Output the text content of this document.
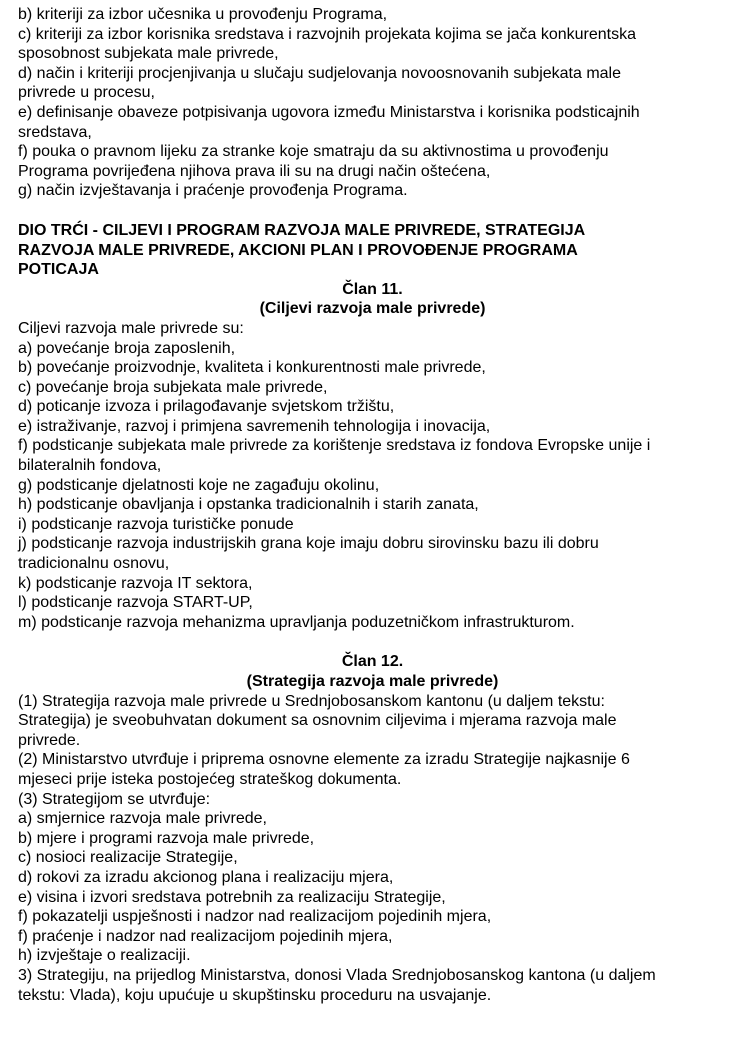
b) kriteriji za izbor učesnika u provođenju Programa,
c) kriteriji za izbor korisnika sredstava i razvojnih projekata kojima se jača konkurentska
sposobnost subjekata male privrede,
d) način i kriteriji procjenjivanja u slučaju sudjelovanja novoosnovanih subjekata male
privrede u procesu,
e) definisanje obaveze potpisivanja ugovora između Ministarstva i korisnika podsticajnih
sredstava,
f) pouka o pravnom lijeku za stranke koje smatraju da su aktivnostima u provođenju
Programa povrijeđena njihova prava ili su na drugi način oštećena,
g) način izvještavanja i praćenje provođenja Programa.
DIO TRĆI - CILJEVI I PROGRAM RAZVOJA MALE PRIVREDE, STRATEGIJA
RAZVOJA MALE PRIVREDE, AKCIONI PLAN I PROVOĐENJE PROGRAMA
POTICAJA
Član 11.
(Ciljevi razvoja male privrede)
Ciljevi razvoja male privrede su:
a) povećanje broja zaposlenih,
b) povećanje proizvodnje, kvaliteta i konkurentnosti male privrede,
c) povećanje broja subjekata male privrede,
d) poticanje izvoza i prilagođavanje svjetskom tržištu,
e) istraživanje, razvoj i primjena savremenih tehnologija i inovacija,
f) podsticanje subjekata male privrede za korištenje sredstava iz fondova Evropske unije i
bilateralnih fondova,
g) podsticanje djelatnosti koje ne zagađuju okolinu,
h) podsticanje obavljanja i opstanka tradicionalnih i starih zanata,
i) podsticanje razvoja turističke ponude
j) podsticanje razvoja industrijskih grana koje imaju dobru sirovinsku bazu ili dobru
tradicionalnu osnovu,
k) podsticanje razvoja IT sektora,
l) podsticanje razvoja START-UP,
m) podsticanje razvoja mehanizma upravljanja poduzetničkom infrastrukturom.
Član 12.
(Strategija razvoja male privrede)
(1) Strategija razvoja male privrede u Srednjobosanskom kantonu (u daljem tekstu:
Strategija) je sveobuhvatan dokument sa osnovnim ciljevima i mjerama razvoja male
privrede.
(2) Ministarstvo utvrđuje i priprema osnovne elemente za izradu Strategije najkasnije 6
mjeseci prije isteka postojećeg strateškog dokumenta.
(3) Strategijom se utvrđuje:
a) smjernice razvoja male privrede,
b) mjere i programi razvoja male privrede,
c) nosioci realizacije Strategije,
d) rokovi za izradu akcionog plana i realizaciju mjera,
e) visina i izvori sredstava potrebnih za realizaciju Strategije,
f) pokazatelji uspješnosti i nadzor nad realizacijom pojedinih mjera,
f) praćenje i nadzor nad realizacijom pojedinih mjera,
h) izvještaje o realizaciji.
3) Strategiju, na prijedlog Ministarstva, donosi Vlada Srednjobosanskog kantona (u daljem
tekstu: Vlada), koju upućuje u skupštinsku proceduru na usvajanje.
